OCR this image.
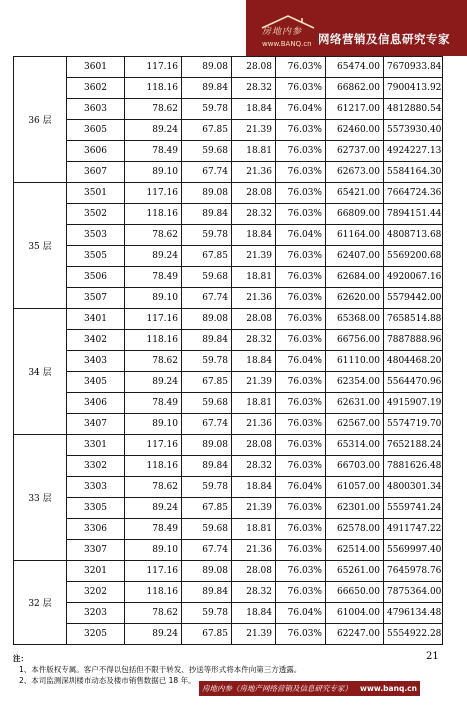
房地内参
www.BANQ.cn 网络营销及信息研究专家
36 层	3601	117.16	89.08	28.08	76.03%	65474.00	7670933.84
	3602	118.16	89.84	28.32	76.03%	66862.00	7900413.92
	3603	78.62	59.78	18.84	76.04%	61217.00	4812880.54
	3605	89.24	67.85	21.39	76.03%	62460.00	5573930.40
	3606	78.49	59.68	18.81	76.03%	62737.00	4924227.13
	3607	89.10	67.74	21.36	76.03%	62673.00	5584164.30
35 层	3501	117.16	89.08	28.08	76.03%	65421.00	7664724.36
	3502	118.16	89.84	28.32	76.03%	66809.00	7894151.44
	3503	78.62	59.78	18.84	76.04%	61164.00	4808713.68
	3505	89.24	67.85	21.39	76.03%	62407.00	5569200.68
	3506	78.49	59.68	18.81	76.03%	62684.00	4920067.16
	3507	89.10	67.74	21.36	76.03%	62620.00	5579442.00
34 层	3401	117.16	89.08	28.08	76.03%	65368.00	7658514.88
	3402	118.16	89.84	28.32	76.03%	66756.00	7887888.96
	3403	78.62	59.78	18.84	76.04%	61110.00	4804468.20
	3405	89.24	67.85	21.39	76.03%	62354.00	5564470.96
	3406	78.49	59.68	18.81	76.03%	62631.00	4915907.19
	3407	89.10	67.74	21.36	76.03%	62567.00	5574719.70
33 层	3301	117.16	89.08	28.08	76.03%	65314.00	7652188.24
	3302	118.16	89.84	28.32	76.03%	66703.00	7881626.48
	3303	78.62	59.78	18.84	76.04%	61057.00	4800301.34
	3305	89.24	67.85	21.39	76.03%	62301.00	5559741.24
	3306	78.49	59.68	18.81	76.03%	62578.00	4911747.22
	3307	89.10	67.74	21.36	76.03%	62514.00	5569997.40
32 层	3201	117.16	89.08	28.08	76.03%	65261.00	7645978.76
	3202	118.16	89.84	28.32	76.03%	66650.00	7875364.00
	3203	78.62	59.78	18.84	76.04%	61004.00	4796134.48
	3205	89.24	67.85	21.39	76.03%	62247.00	5554922.28
注：
1、本件版权专属。客户不得以包括但不限于转发、抄送等形式将本件向第三方透露。
2、本司监测深圳楼市动态及楼市销售数据已 18 年。
21
房地内参（房地产网络营销及信息研究专家） www.banq.cn
